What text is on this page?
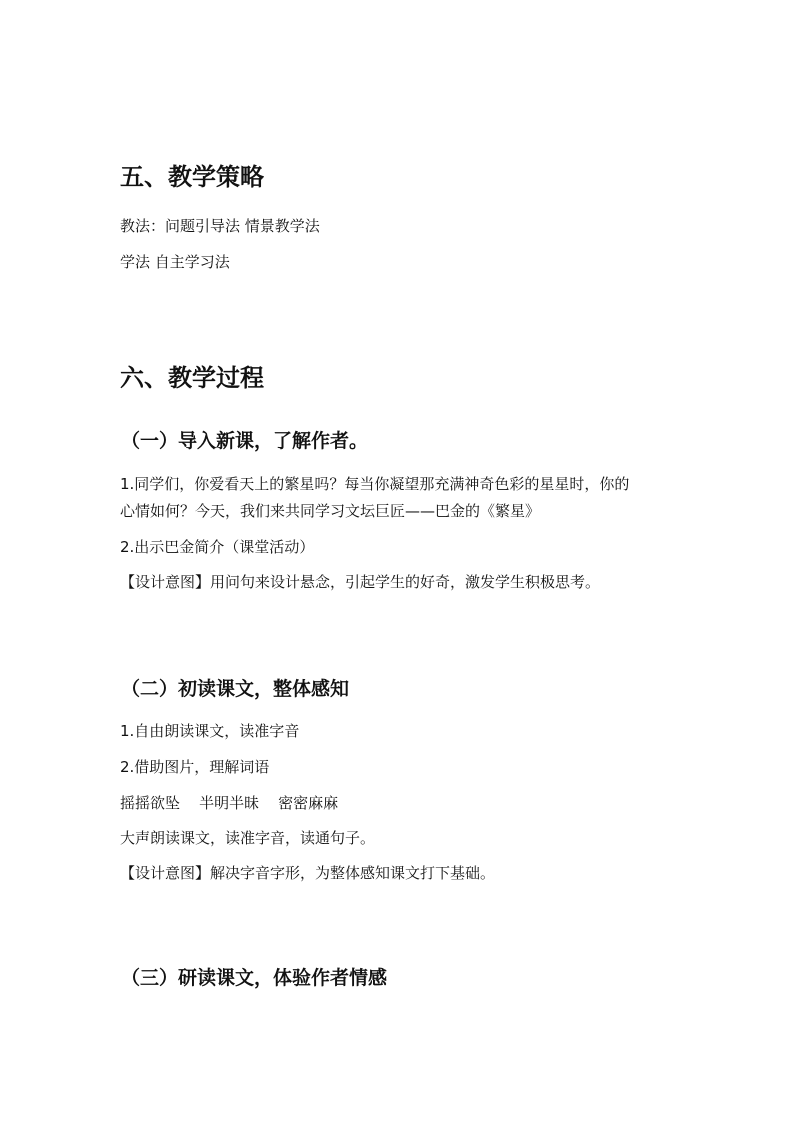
五、教学策略
教法：问题引导法 情景教学法
学法 自主学习法
六、教学过程
（一）导入新课，了解作者。
1.同学们，你爱看天上的繁星吗？每当你凝望那充满神奇色彩的星星时，你的
心情如何？今天，我们来共同学习文坛巨匠——巴金的《繁星》
2.出示巴金简介（课堂活动）
【设计意图】用问句来设计悬念，引起学生的好奇，激发学生积极思考。
（二）初读课文，整体感知
1.自由朗读课文，读准字音
2.借助图片，理解词语
摇摇欲坠    半明半昧    密密麻麻
大声朗读课文，读准字音，读通句子。
【设计意图】解决字音字形，为整体感知课文打下基础。
（三）研读课文，体验作者情感
